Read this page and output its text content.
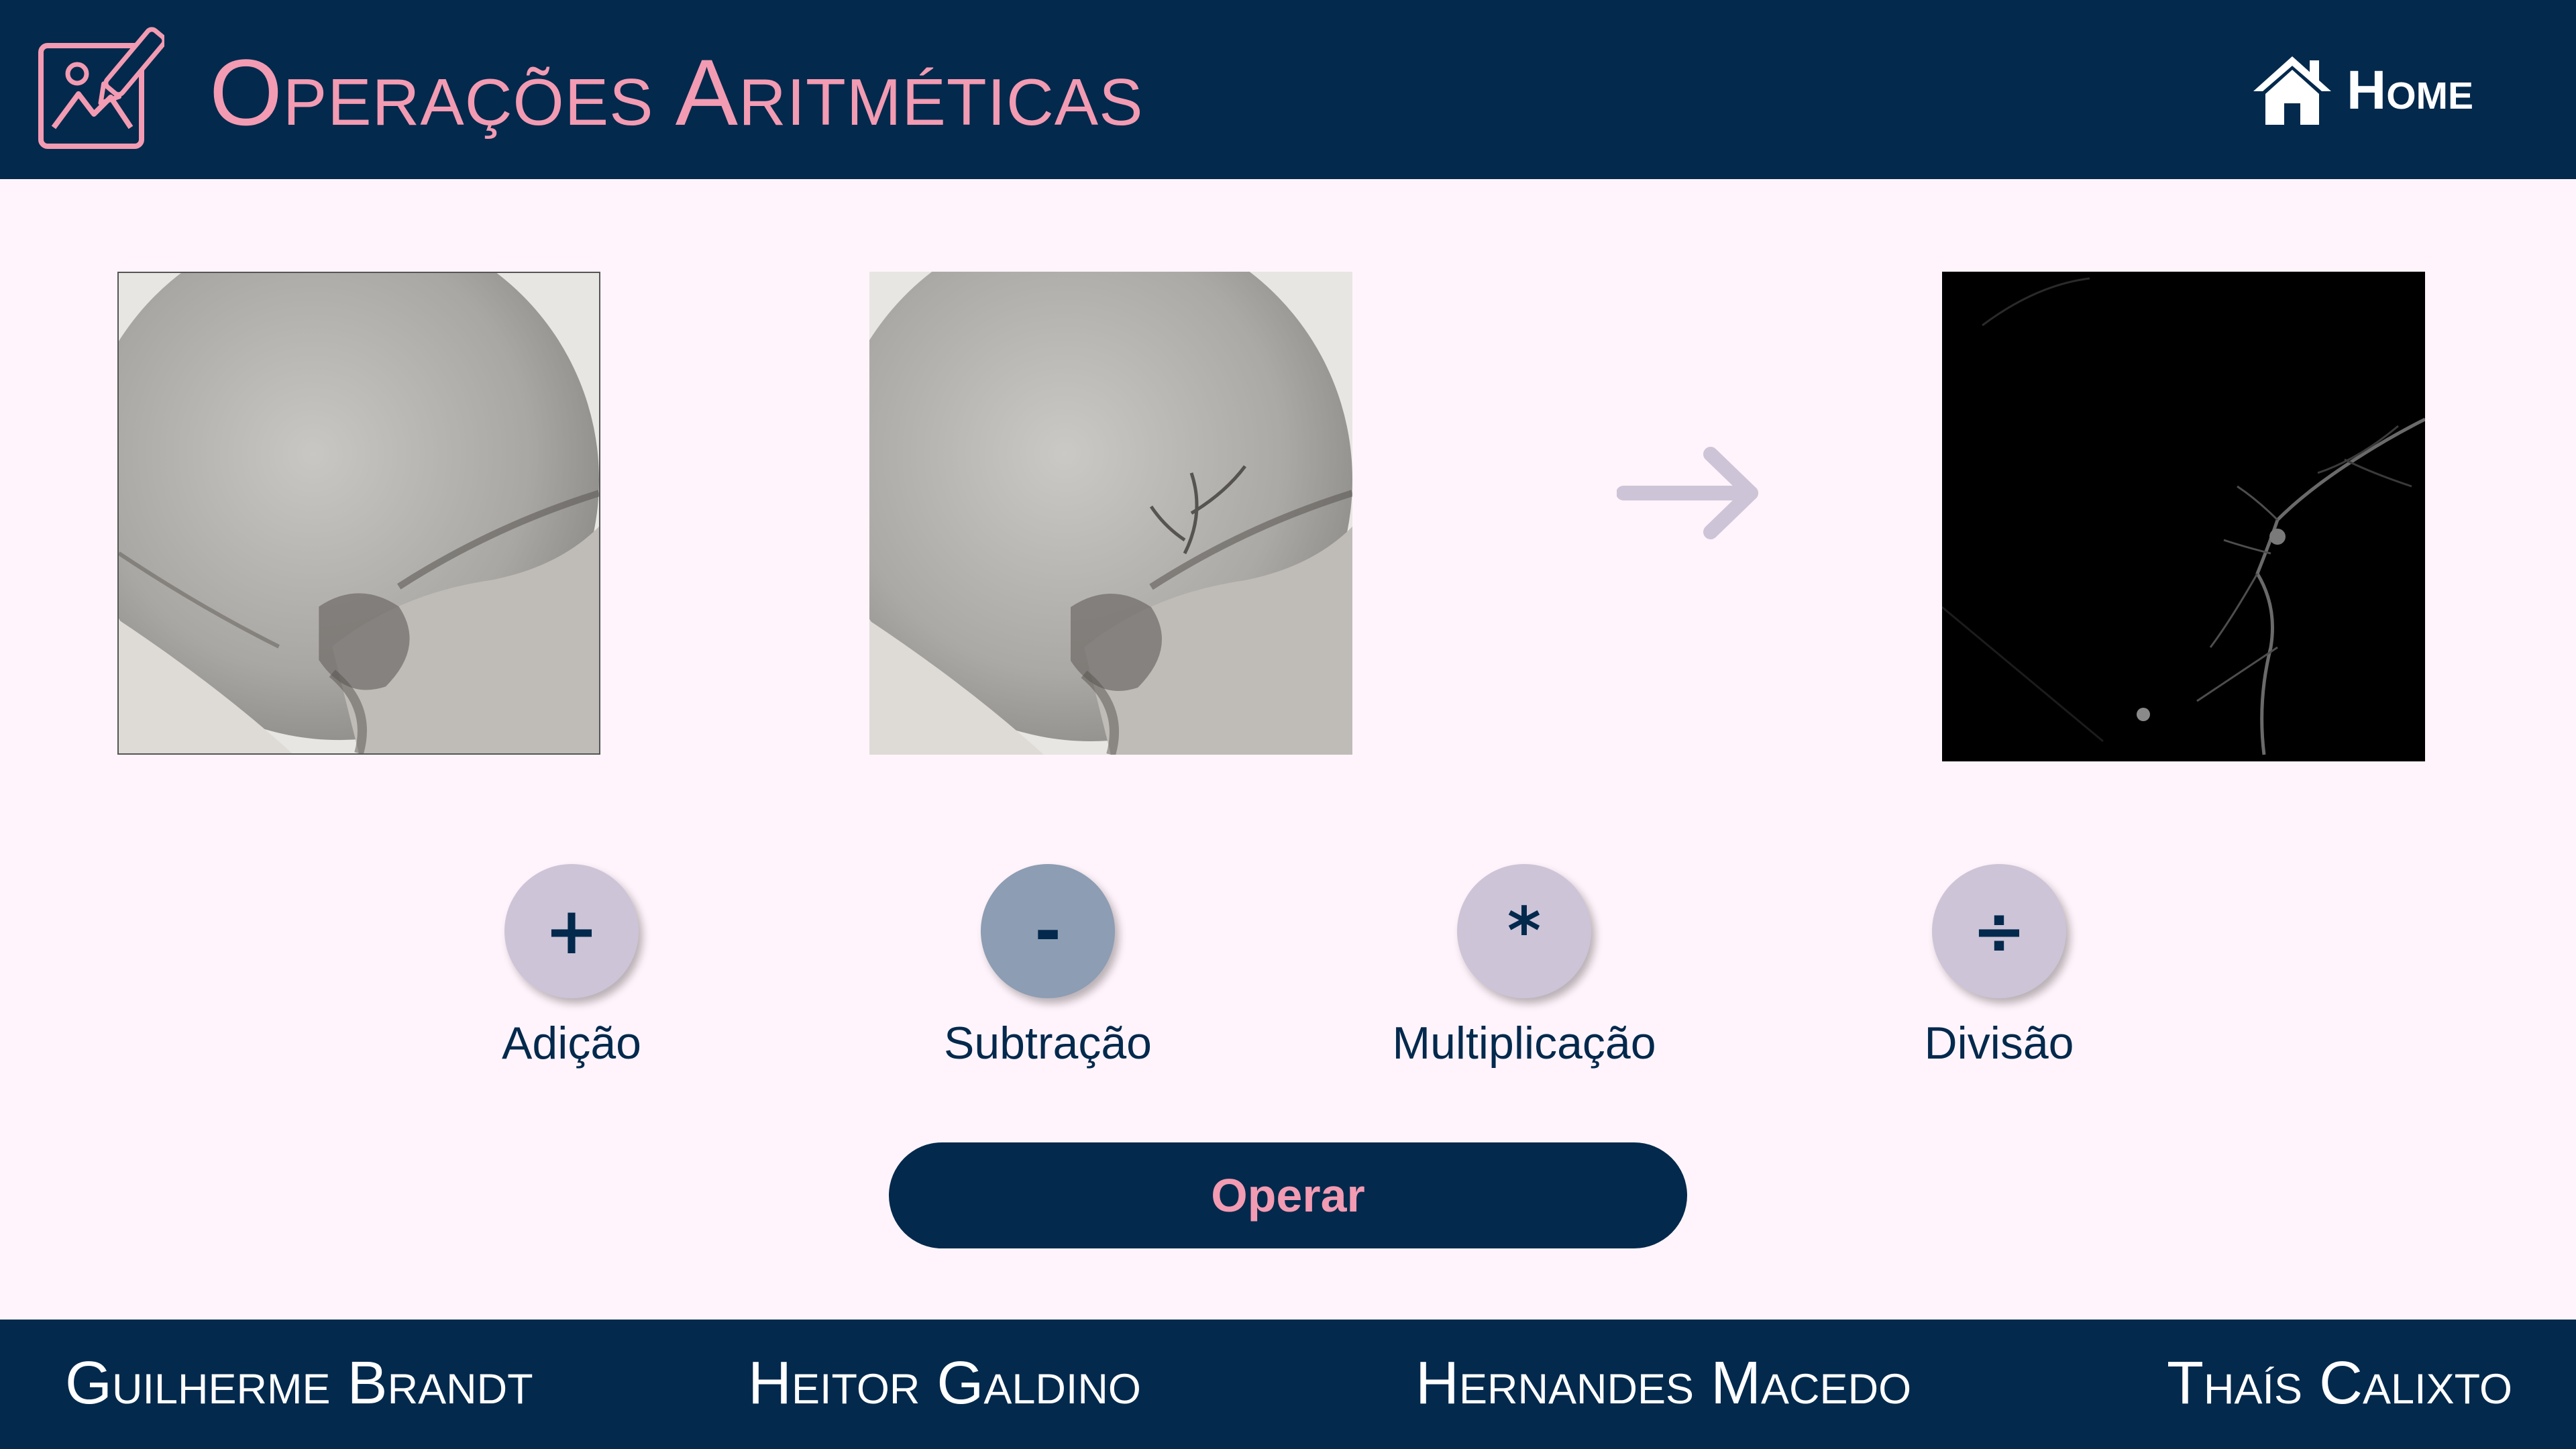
Operações Aritméticas	Home
+
Adição
-
Subtração
*
Multiplicação
÷
Divisão
Operar
Guilherme Brandt	Heitor Galdino	Hernandes Macedo	Thaís Calixto
